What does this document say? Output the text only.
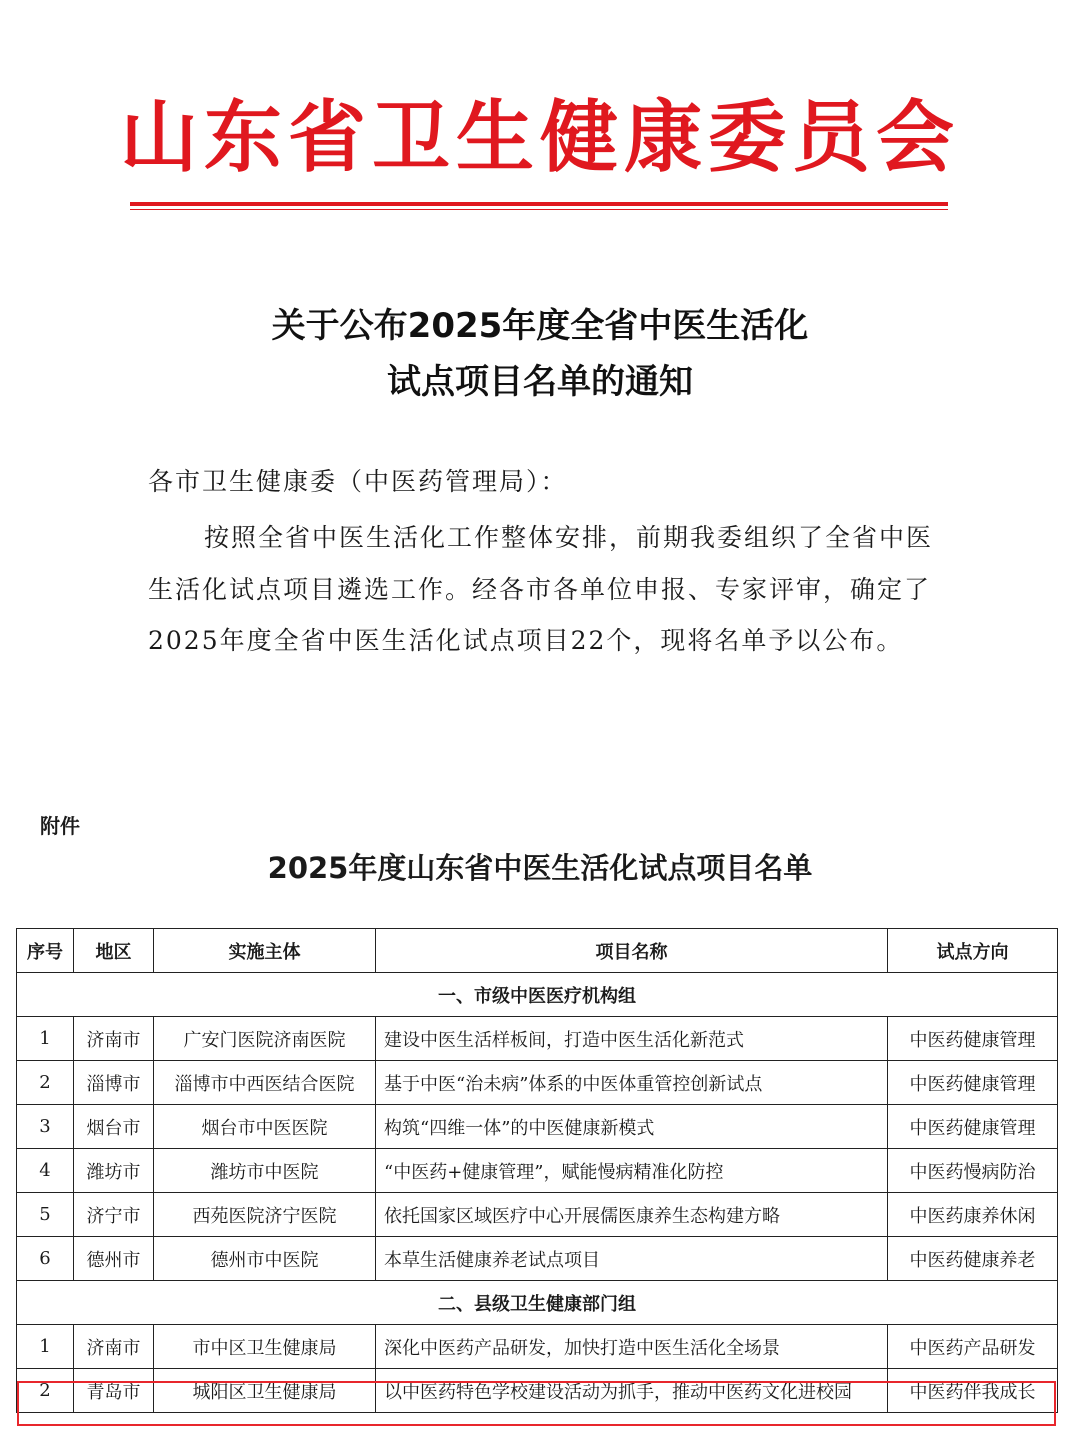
山东省卫生健康委员会
关于公布2025年度全省中医生活化
试点项目名单的通知
各市卫生健康委（中医药管理局）：

按照全省中医生活化工作整体安排，前期我委组织了全省中医生活化试点项目遴选工作。经各市各单位申报、专家评审，确定了2025年度全省中医生活化试点项目22个，现将名单予以公布。

附件
2025年度山东省中医生活化试点项目名单
序号	地区	实施主体	项目名称	试点方向
一、市级中医医疗机构组				
1	济南市	广安门医院济南医院	建设中医生活样板间，打造中医生活化新范式	中医药健康管理
2	淄博市	淄博市中西医结合医院	基于中医“治未病”体系的中医体重管控创新试点	中医药健康管理
3	烟台市	烟台市中医医院	构筑“四维一体”的中医健康新模式	中医药健康管理
4	潍坊市	潍坊市中医院	“中医药+健康管理”，赋能慢病精准化防控	中医药慢病防治
5	济宁市	西苑医院济宁医院	依托国家区域医疗中心开展儒医康养生态构建方略	中医药康养休闲
6	德州市	德州市中医院	本草生活健康养老试点项目	中医药健康养老
二、县级卫生健康部门组				
1	济南市	市中区卫生健康局	深化中医药产品研发，加快打造中医生活化全场景	中医药产品研发
2	青岛市	城阳区卫生健康局	以中医药特色学校建设活动为抓手，推动中医药文化进校园	中医药伴我成长
